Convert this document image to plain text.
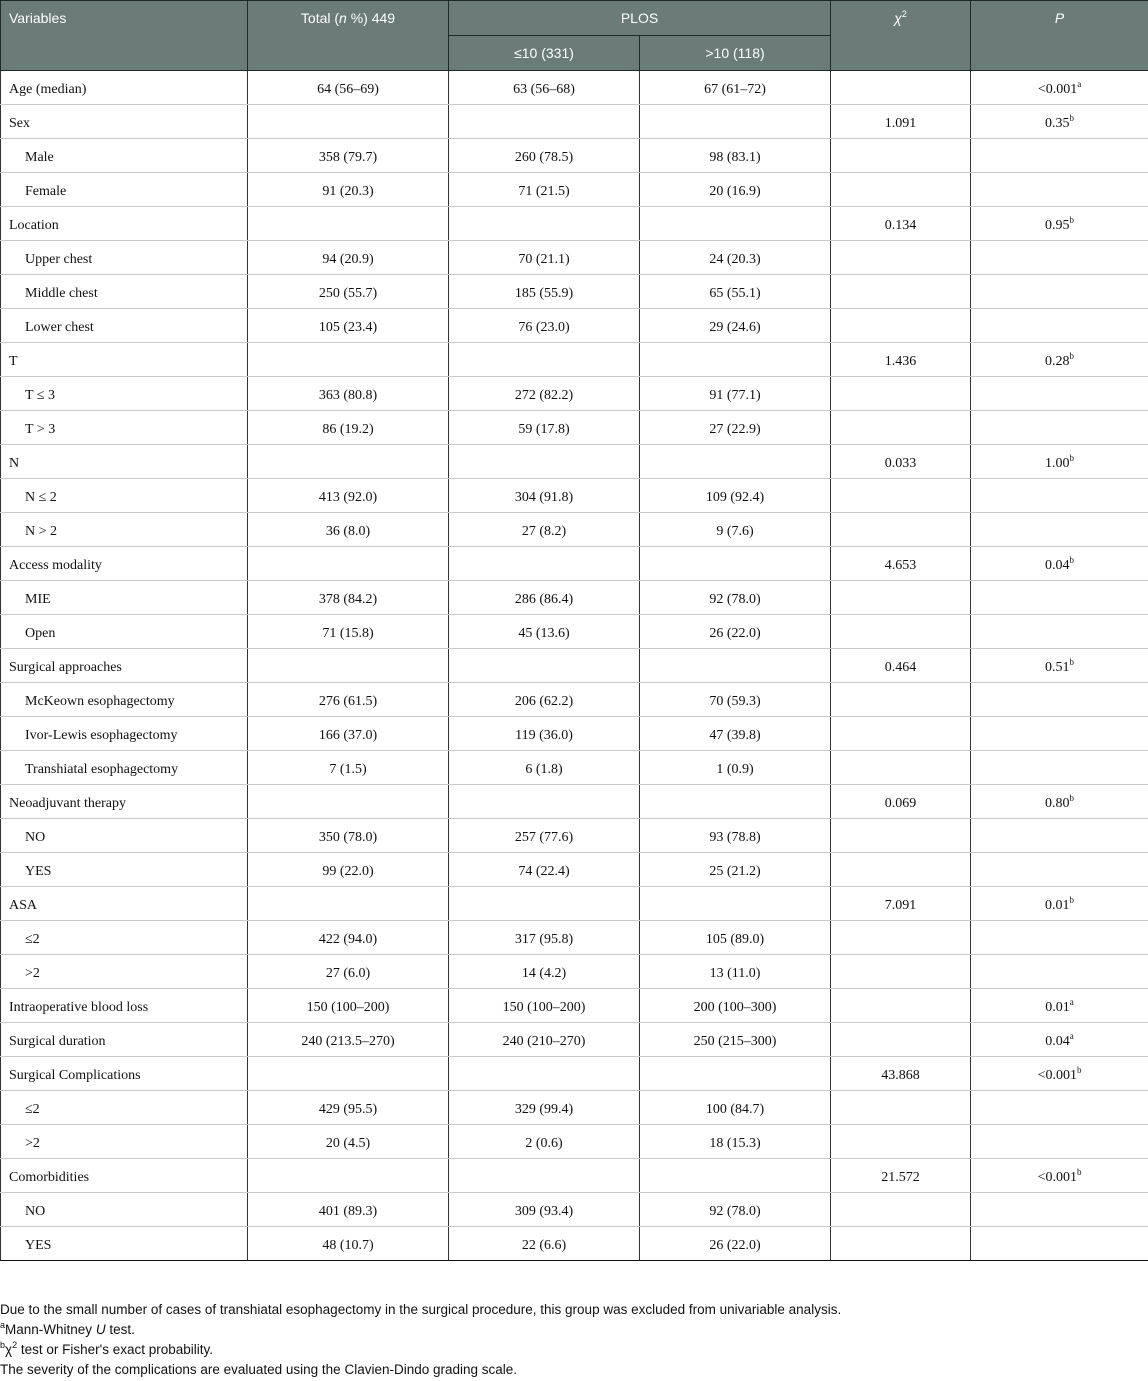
Variables	Total (n %) 449	PLOS		$\chi^2$	P
		≤10 (331)	>10 (118)		
Age (median)	64 (56–69)	63 (56–68)	67 (61–72)		<0.001$^a$
Sex				1.091	0.35$^b$
Male	358 (79.7)	260 (78.5)	98 (83.1)		
Female	91 (20.3)	71 (21.5)	20 (16.9)		
Location				0.134	0.95$^b$
Upper chest	94 (20.9)	70 (21.1)	24 (20.3)		
Middle chest	250 (55.7)	185 (55.9)	65 (55.1)		
Lower chest	105 (23.4)	76 (23.0)	29 (24.6)		
T				1.436	0.28$^b$
T ≤ 3	363 (80.8)	272 (82.2)	91 (77.1)		
T > 3	86 (19.2)	59 (17.8)	27 (22.9)		
N				0.033	1.00$^b$
N ≤ 2	413 (92.0)	304 (91.8)	109 (92.4)		
N > 2	36 (8.0)	27 (8.2)	9 (7.6)		
Access modality				4.653	0.04$^b$
MIE	378 (84.2)	286 (86.4)	92 (78.0)		
Open	71 (15.8)	45 (13.6)	26 (22.0)		
Surgical approaches				0.464	0.51$^b$
McKeown esophagectomy	276 (61.5)	206 (62.2)	70 (59.3)		
Ivor-Lewis esophagectomy	166 (37.0)	119 (36.0)	47 (39.8)		
Transhiatal esophagectomy	7 (1.5)	6 (1.8)	1 (0.9)		
Neoadjuvant therapy				0.069	0.80$^b$
NO	350 (78.0)	257 (77.6)	93 (78.8)		
YES	99 (22.0)	74 (22.4)	25 (21.2)		
ASA				7.091	0.01$^b$
≤2	422 (94.0)	317 (95.8)	105 (89.0)		
>2	27 (6.0)	14 (4.2)	13 (11.0)		
Intraoperative blood loss	150 (100–200)	150 (100–200)	200 (100–300)		0.01$^a$
Surgical duration	240 (213.5–270)	240 (210–270)	250 (215–300)		0.04$^a$
Surgical Complications				43.868	<0.001$^b$
≤2	429 (95.5)	329 (99.4)	100 (84.7)		
>2	20 (4.5)	2 (0.6)	18 (15.3)		
Comorbidities				21.572	<0.001$^b$
NO	401 (89.3)	309 (93.4)	92 (78.0)		
YES	48 (10.7)	22 (6.6)	26 (22.0)		
Due to the small number of cases of transhiatal esophagectomy in the surgical procedure, this group was excluded from univariable analysis.
$^a$Mann-Whitney U test.
$^b\chi^2$ test or Fisher's exact probability.
The severity of the complications are evaluated using the Clavien-Dindo grading scale.
